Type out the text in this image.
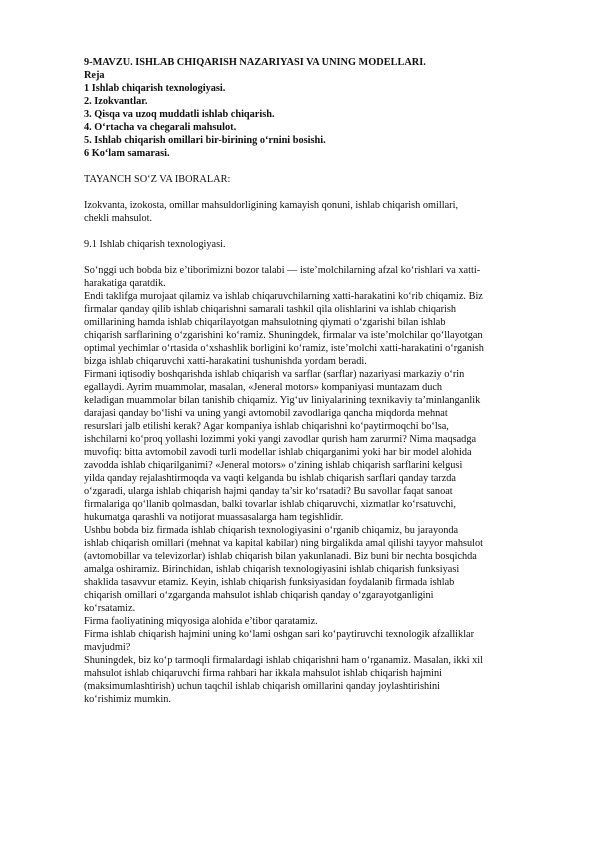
9-MAVZU. ISHLAB CHIQARISH NAZARIYASI VA UNING MODELLARI.
Reja
1 Ishlab chiqarish texnologiyasi.
2. Izokvantlar.
3. Qisqa va uzoq muddatli ishlab chiqarish.
4. O‘rtacha va chegarali mahsulot.
5. Ishlab chiqarish omillari bir-birining o‘rnini bosishi.
6 Ko‘lam samarasi.
TAYANCH SO‘Z VA IBORALAR:
Izokvanta, izokosta, omillar mahsuldorligining kamayish qonuni, ishlab chiqarish omillari,
chekli mahsulot.
9.1 Ishlab chiqarish texnologiyasi.
So‘nggi uch bobda biz e’tiborimizni bozor talabi — iste’molchilarning afzal ko‘rishlari va xatti-
harakatiga qaratdik.
Endi taklifga murojaat qilamiz va ishlab chiqaruvchilarning xatti-harakatini ko‘rib chiqamiz. Biz
firmalar qanday qilib ishlab chiqarishni samarali tashkil qila olishlarini va ishlab chiqarish
omillarining hamda ishlab chiqarilayotgan mahsulotning qiymati o‘zgarishi bilan ishlab
chiqarish sarflarining o‘zgarishini ko‘ramiz. Shuningdek, firmalar va iste’molchilar qo‘llayotgan
optimal yechimlar o‘rtasida o‘xshashlik borligini ko‘ramiz, iste’molchi xatti-harakatini o‘rganish
bizga ishlab chiqaruvchi xatti-harakatini tushunishda yordam beradi.
Firmani iqtisodiy boshqarishda ishlab chiqarish va sarflar (sarflar) nazariyasi markaziy o‘rin
egallaydi. Ayrim muammolar, masalan, «Jeneral motors» kompaniyasi muntazam duch
keladigan muammolar bilan tanishib chiqamiz. Yig‘uv liniyalarining texnikaviy ta’minlanganlik
darajasi qanday bo‘lishi va uning yangi avtomobil zavodlariga qancha miqdorda mehnat
resurslari jalb etilishi kerak? Agar kompaniya ishlab chiqarishni ko‘paytirmoqchi bo‘lsa,
ishchilarni ko‘proq yollashi lozimmi yoki yangi zavodlar qurish ham zarurmi? Nima maqsadga
muvofiq: bitta avtomobil zavodi turli modellar ishlab chiqarganimi yoki har bir model alohida
zavodda ishlab chiqarilganimi? «Jeneral motors» o‘zining ishlab chiqarish sarflarini kelgusi
yilda qanday rejalashtirmoqda va vaqti kelganda bu ishlab chiqarish sarflari qanday tarzda
o‘zgaradi, ularga ishlab chiqarish hajmi qanday ta’sir ko‘rsatadi? Bu savollar faqat sanoat
firmalariga qo‘llanib qolmasdan, balki tovarlar ishlab chiqaruvchi, xizmatlar ko‘rsatuvchi,
hukumatga qarashli va notijorat muassasalarga ham tegishlidir.
Ushbu bobda biz firmada ishlab chiqarish texnologiyasini o‘rganib chiqamiz, bu jarayonda
ishlab chiqarish omillari (mehnat va kapital kabilar) ning birgalikda amal qilishi tayyor mahsulot
(avtomobillar va televizorlar) ishlab chiqarish bilan yakunlanadi. Biz buni bir nechta bosqichda
amalga oshiramiz. Birinchidan, ishlab chiqarish texnologiyasini ishlab chiqarish funksiyasi
shaklida tasavvur etamiz. Keyin, ishlab chiqarish funksiyasidan foydalanib firmada ishlab
chiqarish omillari o‘zgarganda mahsulot ishlab chiqarish qanday o‘zgarayotganligini
ko‘rsatamiz.
Firma faoliyatining miqyosiga alohida e’tibor qaratamiz.
Firma ishlab chiqarish hajmini uning ko‘lami oshgan sari ko‘paytiruvchi texnologik afzalliklar
mavjudmi?
Shuningdek, biz ko‘p tarmoqli firmalardagi ishlab chiqarishni ham o‘rganamiz. Masalan, ikki xil
mahsulot ishlab chiqaruvchi firma rahbari har ikkala mahsulot ishlab chiqarish hajmini
(maksimumlashtirish) uchun taqchil ishlab chiqarish omillarini qanday joylashtirishini
ko‘rishimiz mumkin.
